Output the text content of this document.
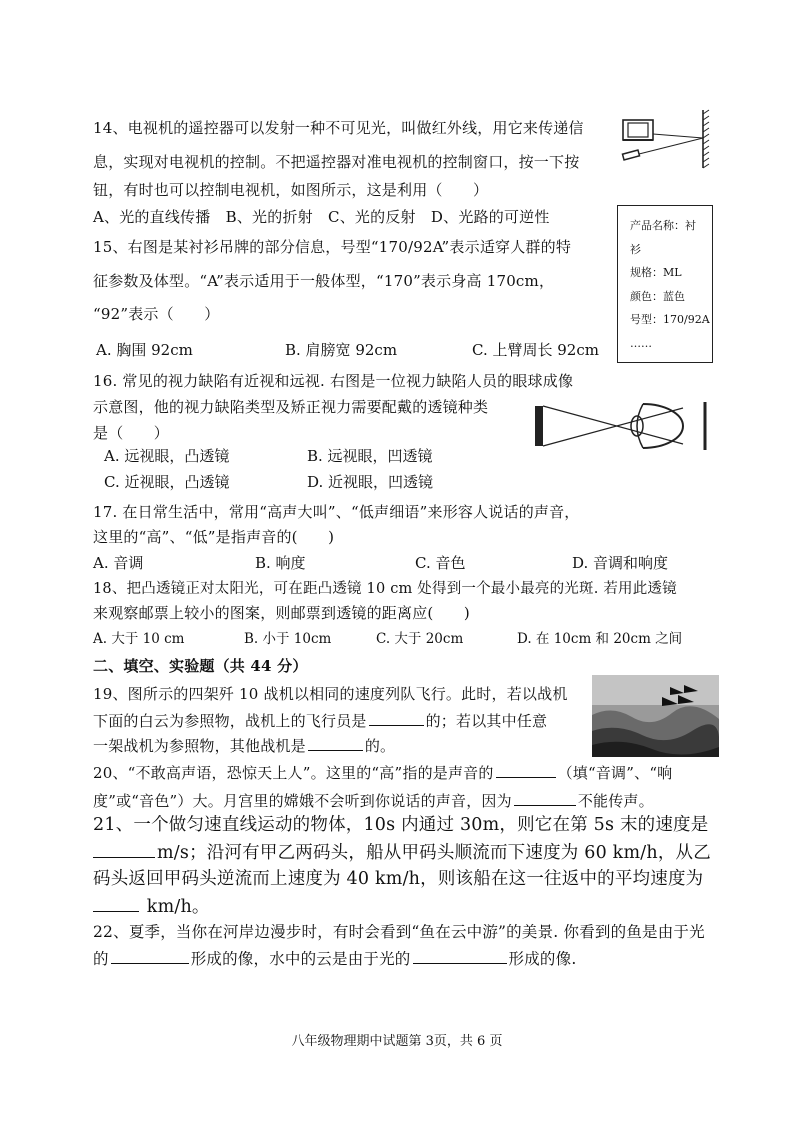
14、电视机的遥控器可以发射一种不可见光，叫做红外线，用它来传递信
息，实现对电视机的控制。不把遥控器对准电视机的控制窗口，按一下按
钮，有时也可以控制电视机，如图所示，这是利用（　　）
A、光的直线传播　B、光的折射　C、光的反射　D、光路的可逆性
15、右图是某衬衫吊牌的部分信息，号型“170/92A”表示适穿人群的特
征参数及体型。“A”表示适用于一般体型，“170”表示身高 170cm，
“92”表示（　　）
A. 胸围 92cm	B. 肩膀宽 92cm	C. 上臂周长 92cm
产品名称：衬
衫
规格：ML
颜色：蓝色
号型：170/92A
……
16. 常见的视力缺陷有近视和远视. 右图是一位视力缺陷人员的眼球成像
示意图，他的视力缺陷类型及矫正视力需要配戴的透镜种类
是（　　）
A. 远视眼，凸透镜	B. 远视眼，凹透镜
C. 近视眼，凸透镜	D. 近视眼，凹透镜
17. 在日常生活中，常用“高声大叫”、“低声细语”来形容人说话的声音，
这里的“高”、“低”是指声音的(　　)
A. 音调	B. 响度	C. 音色	D. 音调和响度
18、把凸透镜正对太阳光，可在距凸透镜 10 cm 处得到一个最小最亮的光斑. 若用此透镜
来观察邮票上较小的图案，则邮票到透镜的距离应(　　)
A. 大于 10 cm	B. 小于 10cm	C. 大于 20cm	D. 在 10cm 和 20cm 之间
二、填空、实验题（共 44 分）
19、图所示的四架歼 10 战机以相同的速度列队飞行。此时，若以战机
下面的白云为参照物，战机上的飞行员是	的；若以其中任意
一架战机为参照物，其他战机是	的。
20、“不敢高声语，恐惊天上人”。这里的“高”指的是声音的	（填“音调”、“响
度”或“音色”）大。月宫里的嫦娥不会听到你说话的声音，因为	不能传声。
21、一个做匀速直线运动的物体，10s 内通过 30m，则它在第 5s 末的速度是
m/s；沿河有甲乙两码头，船从甲码头顺流而下速度为 60 km/h，从乙
码头返回甲码头逆流而上速度为 40 km/h，则该船在这一往返中的平均速度为
km/h。
22、夏季，当你在河岸边漫步时，有时会看到“鱼在云中游”的美景. 你看到的鱼是由于光
的	形成的像，水中的云是由于光的	形成的像.
八年级物理期中试题第 3页，共 6 页
